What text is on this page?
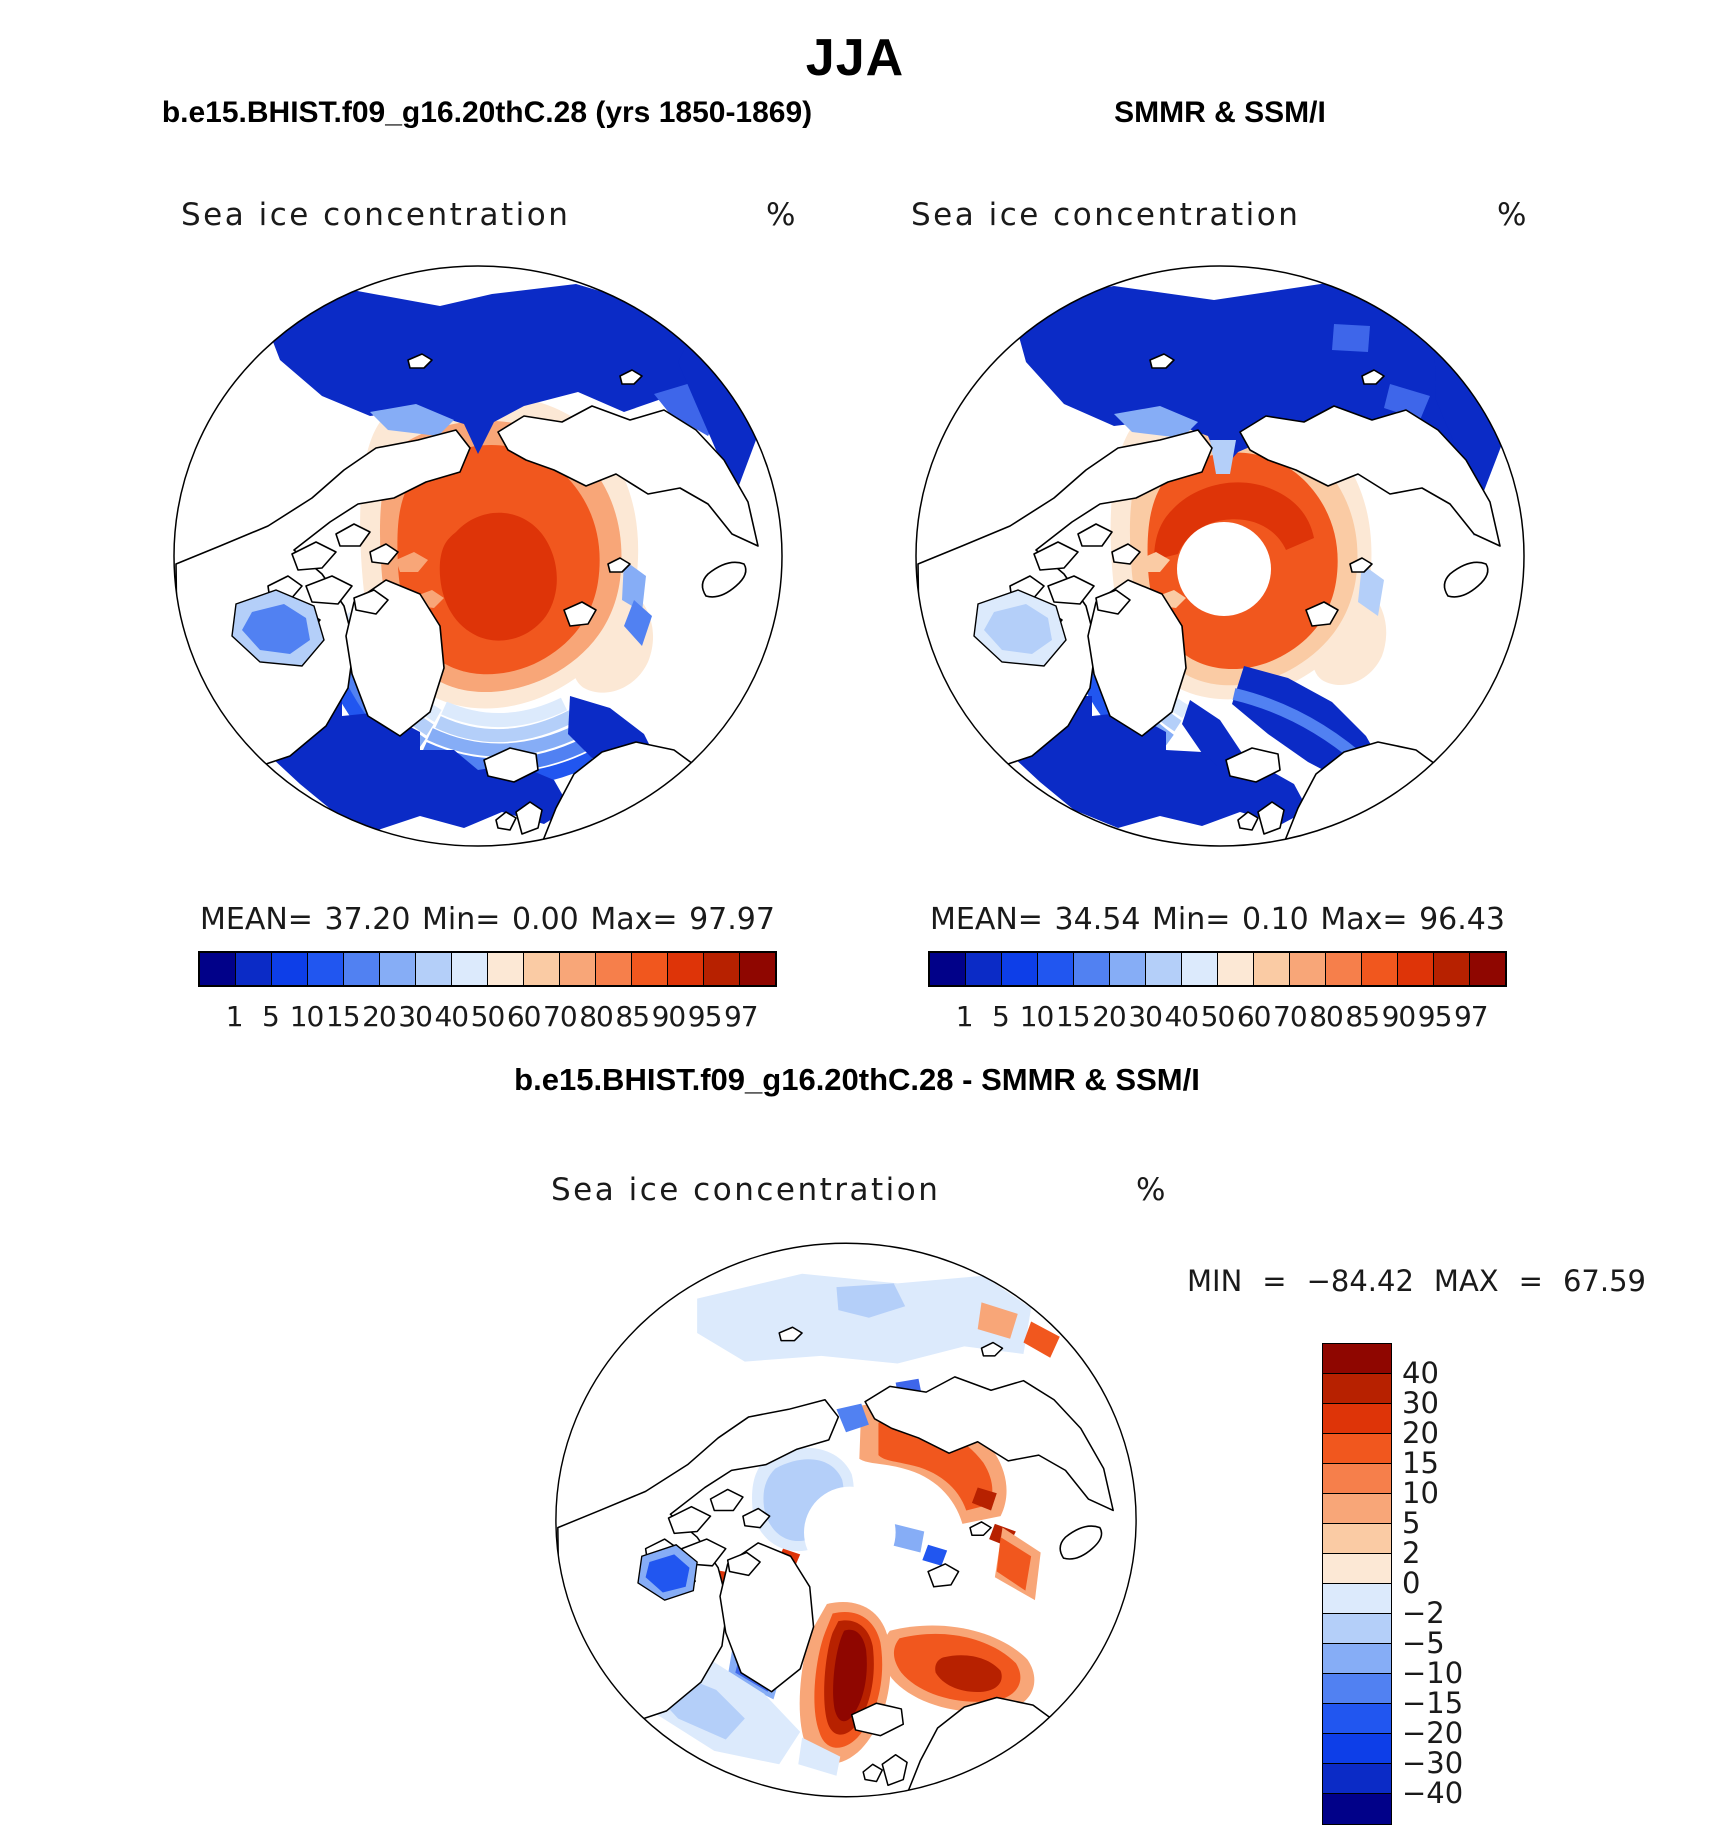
JJA
b.e15.BHIST.f09_g16.20thC.28 (yrs 1850-1869)	SMMR & SSM/I
Sea ice concentration	%	Sea ice concentration	%
MEAN= 37.20 Min= 0.00 Max= 97.97	MEAN= 34.54 Min= 0.10 Max= 96.43
1 5 10 15 20 30 40 50 60 70 80 85 90 95 97	1 5 10 15 20 30 40 50 60 70 80 85 90 95 97
b.e15.BHIST.f09_g16.20thC.28 - SMMR & SSM/I
Sea ice concentration	%
MIN = −84.42 MAX = 67.59
40
30
20
15
10
5
2
0
−2
−5
−10
−15
−20
−30
−40
